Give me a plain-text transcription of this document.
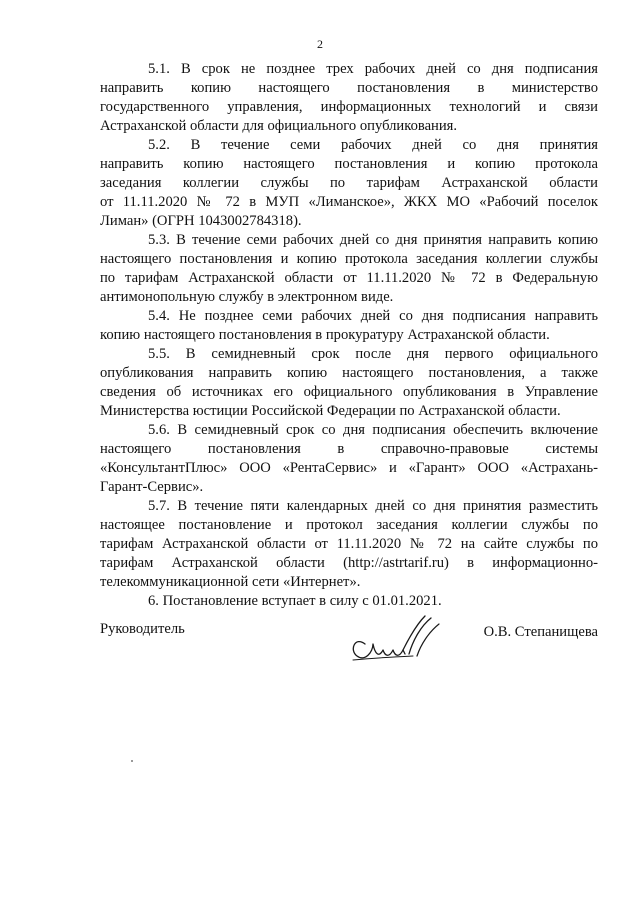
2
5.1. В срок не позднее трех рабочих дней со дня подписания
направить копию настоящего постановления в министерство
государственного управления, информационных технологий и связи
Астраханской области для официального опубликования.
5.2. В течение семи рабочих дней со дня принятия
направить копию настоящего постановления и копию протокола
заседания коллегии службы по тарифам Астраханской области
от 11.11.2020 № 72 в МУП «Лиманское», ЖКХ МО «Рабочий поселок
Лиман» (ОГРН 1043002784318).
5.3. В течение семи рабочих дней со дня принятия направить копию
настоящего постановления и копию протокола заседания коллегии службы
по тарифам Астраханской области от 11.11.2020 № 72 в Федеральную
антимонопольную службу в электронном виде.
5.4. Не позднее семи рабочих дней со дня подписания направить
копию настоящего постановления в прокуратуру Астраханской области.
5.5. В семидневный срок после дня первого официального
опубликования направить копию настоящего постановления, а также
сведения об источниках его официального опубликования в Управление
Министерства юстиции Российской Федерации по Астраханской области.
5.6. В семидневный срок со дня подписания обеспечить включение
настоящего постановления в справочно-правовые системы
«КонсультантПлюс» ООО «РентаСервис» и «Гарант» ООО «Астрахань-
Гарант-Сервис».
5.7. В течение пяти календарных дней со дня принятия разместить
настоящее постановление и протокол заседания коллегии службы по
тарифам Астраханской области от 11.11.2020 № 72 на сайте службы по
тарифам Астраханской области (http://astrtarif.ru) в информационно-
телекоммуникационной сети «Интернет».
6. Постановление вступает в силу с 01.01.2021.
Руководитель	О.В. Степанищева
